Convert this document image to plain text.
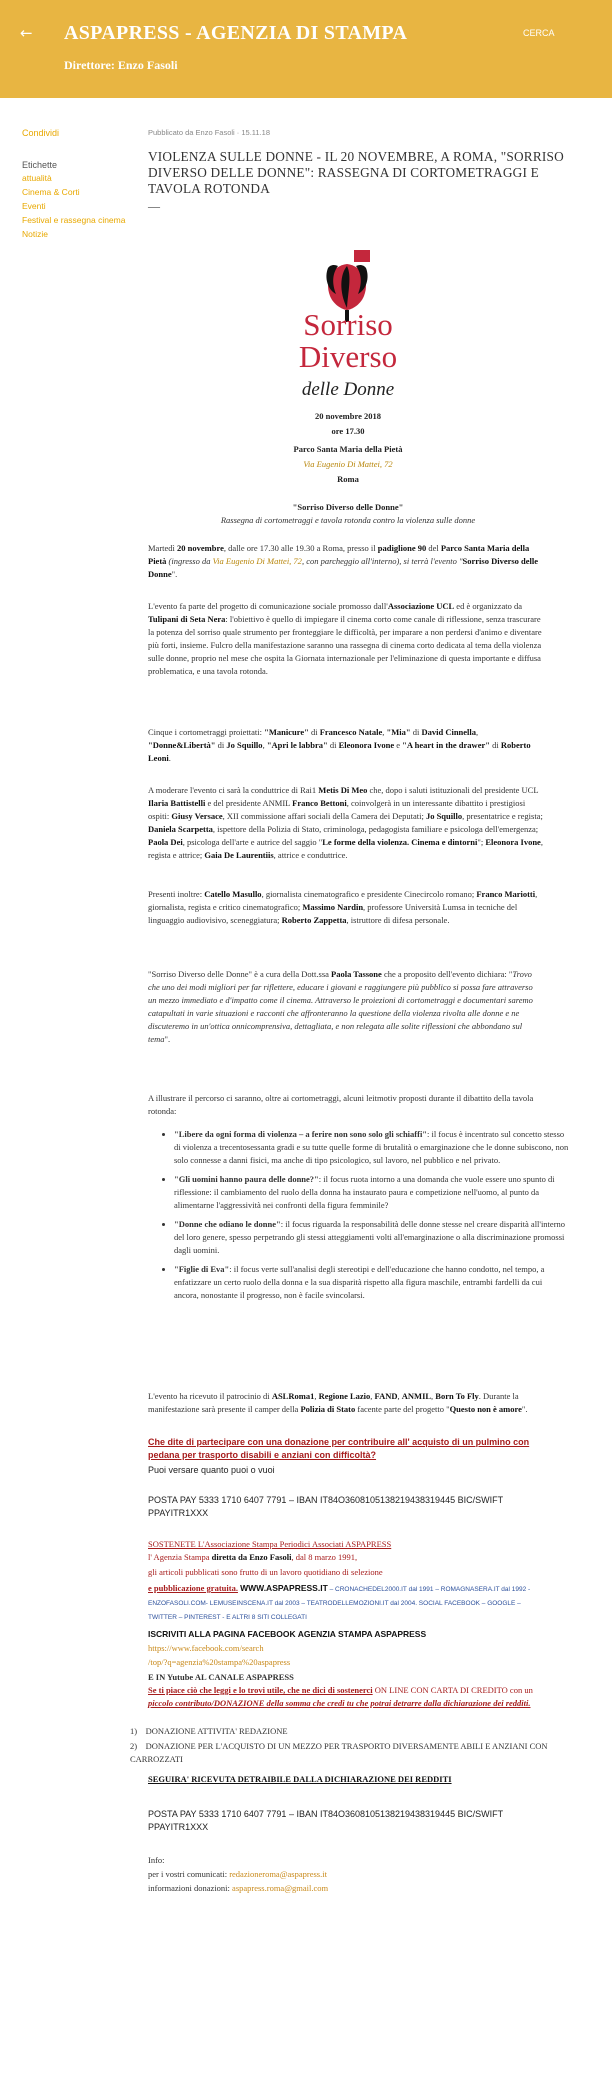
← ASPAPRESS - AGENZIA DI STAMPA
Direttore: Enzo Fasoli
CERCA
Condividi
Etichette
attualità
Cinema & Corti
Eventi
Festival e rassegna cinema
Notizie
Pubblicato da Enzo Fasoli · 15.11.18
VIOLENZA SULLE DONNE - IL 20 NOVEMBRE, A ROMA, "SORRISO DIVERSO DELLE DONNE": RASSEGNA DI CORTOMETRAGGI E TAVOLA ROTONDA
—
Sorriso
Diverso
delle Donne
20 novembre 2018
ore 17.30
Parco Santa Maria della Pietà
Via Eugenio Di Mattei, 72
Roma
"Sorriso Diverso delle Donne"
Rassegna di cortometraggi e tavola rotonda contro la violenza sulle donne
Martedì 20 novembre, dalle ore 17.30 alle 19.30 a Roma, presso il padiglione 90 del Parco Santa Maria della Pietà (ingresso da Via Eugenio Di Mattei, 72, con parcheggio all'interno), si terrà l'evento "Sorriso Diverso delle Donne".
L'evento fa parte del progetto di comunicazione sociale promosso dall'Associazione UCL ed è organizzato da Tulipani di Seta Nera: l'obiettivo è quello di impiegare il cinema corto come canale di riflessione, senza trascurare la potenza del sorriso quale strumento per fronteggiare le difficoltà, per imparare a non perdersi d'animo e diventare più forti, insieme. Fulcro della manifestazione saranno una rassegna di cinema corto dedicata al tema della violenza sulle donne, proprio nel mese che ospita la Giornata internazionale per l'eliminazione di questa importante e diffusa problematica, e una tavola rotonda.
Cinque i cortometraggi proiettati: "Manicure" di Francesco Natale, "Mia" di David Cinnella, "Donne&Libertà" di Jo Squillo, "Apri le labbra" di Eleonora Ivone e "A heart in the drawer" di Roberto Leoni.
A moderare l'evento ci sarà la conduttrice di Rai1 Metis Di Meo che, dopo i saluti istituzionali del presidente UCL Ilaria Battistelli e del presidente ANMIL Franco Bettoni, coinvolgerà in un interessante dibattito i prestigiosi ospiti: Giusy Versace, XII commissione affari sociali della Camera dei Deputati; Jo Squillo, presentatrice e regista; Daniela Scarpetta, ispettore della Polizia di Stato, criminologa, pedagogista familiare e psicologa dell'emergenza; Paola Dei, psicologa dell'arte e autrice del saggio "Le forme della violenza. Cinema e dintorni"; Eleonora Ivone, regista e attrice; Gaia De Laurentiis, attrice e conduttrice.
Presenti inoltre: Catello Masullo, giornalista cinematografico e presidente Cinecircolo romano; Franco Mariotti, giornalista, regista e critico cinematografico; Massimo Nardin, professore Università Lumsa in tecniche del linguaggio audiovisivo, sceneggiatura; Roberto Zappetta, istruttore di difesa personale.
"Sorriso Diverso delle Donne" è a cura della Dott.ssa Paola Tassone che a proposito dell'evento dichiara: "Trovo che uno dei modi migliori per far riflettere, educare i giovani e raggiungere più pubblico si possa fare attraverso un mezzo immediato e d'impatto come il cinema. Attraverso le proiezioni di cortometraggi e documentari saremo catapultati in varie situazioni e racconti che affronteranno la questione della violenza rivolta alle donne e ne discuteremo in un'ottica onnicomprensiva, dettagliata, e non relegata alle solite riflessioni che abbondano sul tema".
A illustrare il percorso ci saranno, oltre ai cortometraggi, alcuni leitmotiv proposti durante il dibattito della tavola rotonda:
• "Libere da ogni forma di violenza – a ferire non sono solo gli schiaffi": il focus è incentrato sul concetto stesso di violenza a trecentosessanta gradi e su tutte quelle forme di brutalità o emarginazione che le donne subiscono, non solo connesse a danni fisici, ma anche di tipo psicologico, sul lavoro, nel pubblico e nel privato.
• "Gli uomini hanno paura delle donne?": il focus ruota intorno a una domanda che vuole essere uno spunto di riflessione: il cambiamento del ruolo della donna ha instaurato paura e competizione nell'uomo, al punto da alimentarne l'aggressività nei confronti della figura femminile?
• "Donne che odiano le donne": il focus riguarda la responsabilità delle donne stesse nel creare disparità all'interno del loro genere, spesso perpetrando gli stessi atteggiamenti volti all'emarginazione o alla discriminazione promossi dagli uomini.
• "Figlie di Eva": il focus verte sull'analisi degli stereotipi e dell'educazione che hanno condotto, nel tempo, a enfatizzare un certo ruolo della donna e la sua disparità rispetto alla figura maschile, entrambi fardelli da cui ancora, nonostante il progresso, non è facile svincolarsi.
L'evento ha ricevuto il patrocinio di ASLRoma1, Regione Lazio, FAND, ANMIL, Born To Fly. Durante la manifestazione sarà presente il camper della Polizia di Stato facente parte del progetto "Questo non è amore".
Che dite di partecipare con una donazione per contribuire all' acquisto di un pulmino con pedana per trasporto disabili e anziani con difficoltà?
Puoi versare quanto puoi o vuoi
POSTA PAY 5333 1710 6407 7791 – IBAN IT84O3608105138219438319445 BIC/SWIFT PPAYITR1XXX
SOSTENETE L'Associazione Stampa Periodici Associati ASPAPRESS
l' Agenzia Stampa diretta da Enzo Fasoli, dal 8 marzo 1991,
gli articoli pubblicati sono frutto di un lavoro quotidiano di selezione
e pubblicazione gratuita. WWW.ASPAPRESS.IT – CRONACHEDEL2000.IT dal 1991 – ROMAGNASERA.IT dal 1992 - ENZOFASOLI.COM- LEMUSEINSCENA.IT dal 2003 – TEATRODELLEMOZIONI.IT dal 2004. SOCIAL FACEBOOK – GOOGLE – TWITTER – PINTEREST - E ALTRI 8 SITI COLLEGATI
ISCRIVITI ALLA PAGINA FACEBOOK AGENZIA STAMPA ASPAPRESS
https://www.facebook.com/search
/top/?q=agenzia%20stampa%20aspapress
E IN Yutube AL CANALE ASPAPRESS
Se ti piace ciò che leggi e lo trovi utile, che ne dici di sostenerci ON LINE CON CARTA DI CREDITO con un piccolo contributo/DONAZIONE della somma che credi tu che potrai detrarre dalla dichiarazione dei redditi.
1)    DONAZIONE ATTIVITA' REDAZIONE
2)    DONAZIONE PER L'ACQUISTO DI UN MEZZO PER TRASPORTO DIVERSAMENTE ABILI E ANZIANI CON CARROZZATI
SEGUIRA' RICEVUTA DETRAIBILE DALLA DICHIARAZIONE DEI REDDITI
POSTA PAY 5333 1710 6407 7791 – IBAN IT84O3608105138219438319445 BIC/SWIFT PPAYITR1XXX
Info:
per i vostri comunicati: redazioneroma@aspapress.it
informazioni donazioni: aspapress.roma@gmail.com
